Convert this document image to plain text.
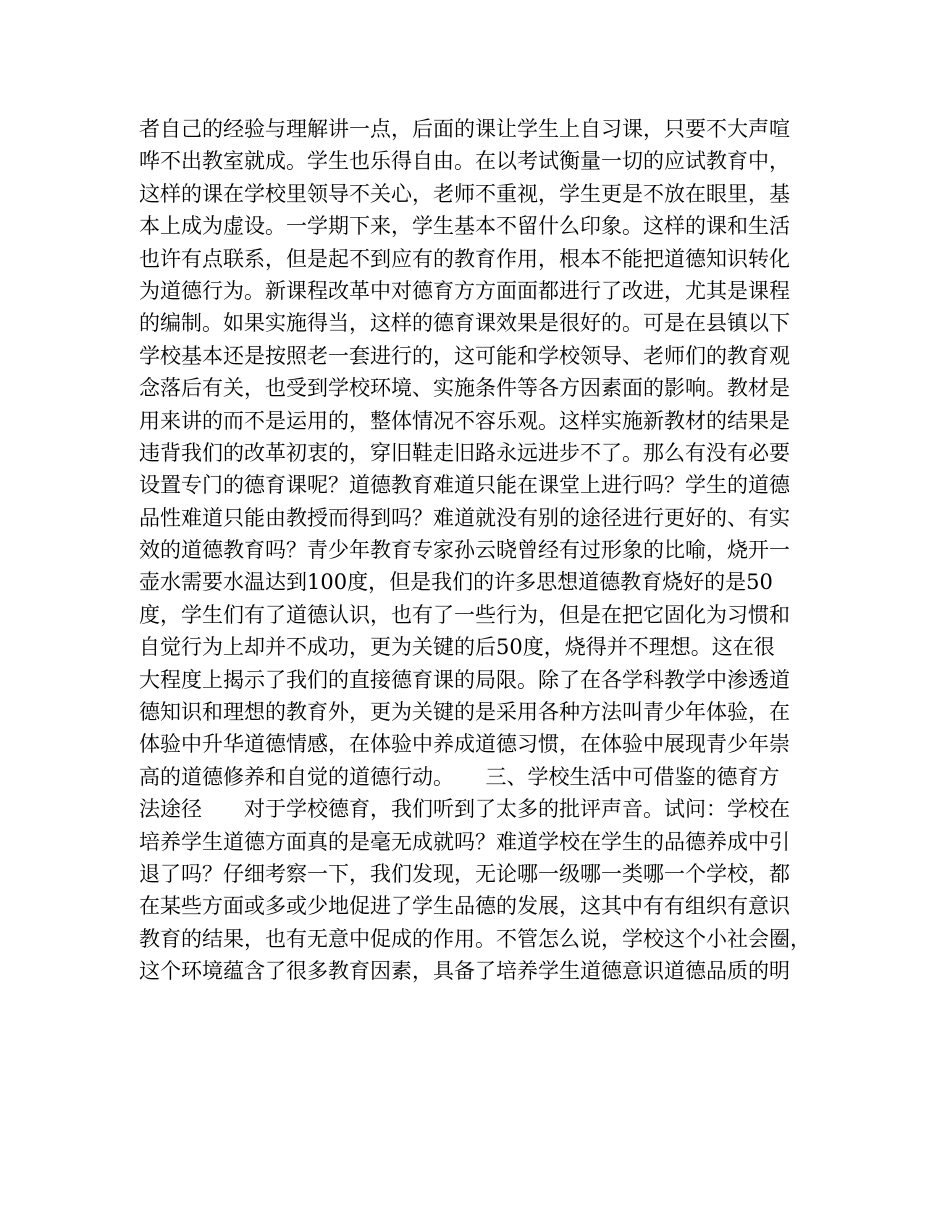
者自己的经验与理解讲一点，后面的课让学生上自习课，只要不大声喧
哗不出教室就成。学生也乐得自由。在以考试衡量一切的应试教育中，
这样的课在学校里领导不关心，老师不重视，学生更是不放在眼里，基
本上成为虚设。一学期下来，学生基本不留什么印象。这样的课和生活
也许有点联系，但是起不到应有的教育作用，根本不能把道德知识转化
为道德行为。新课程改革中对德育方方面面都进行了改进，尤其是课程
的编制。如果实施得当，这样的德育课效果是很好的。可是在县镇以下
学校基本还是按照老一套进行的，这可能和学校领导、老师们的教育观
念落后有关，也受到学校环境、实施条件等各方因素面的影响。教材是
用来讲的而不是运用的，整体情况不容乐观。这样实施新教材的结果是
违背我们的改革初衷的，穿旧鞋走旧路永远进步不了。那么有没有必要
设置专门的德育课呢？道德教育难道只能在课堂上进行吗？学生的道德
品性难道只能由教授而得到吗？难道就没有别的途径进行更好的、有实
效的道德教育吗？青少年教育专家孙云晓曾经有过形象的比喻，烧开一
壶水需要水温达到100度，但是我们的许多思想道德教育烧好的是50
度，学生们有了道德认识，也有了一些行为，但是在把它固化为习惯和
自觉行为上却并不成功，更为关键的后50度，烧得并不理想。这在很
大程度上揭示了我们的直接德育课的局限。除了在各学科教学中渗透道
德知识和理想的教育外，更为关键的是采用各种方法叫青少年体验，在
体验中升华道德情感，在体验中养成道德习惯，在体验中展现青少年崇
高的道德修养和自觉的道德行动。　　三、学校生活中可借鉴的德育方
法途径　　对于学校德育，我们听到了太多的批评声音。试问：学校在
培养学生道德方面真的是毫无成就吗？难道学校在学生的品德养成中引
退了吗？仔细考察一下，我们发现，无论哪一级哪一类哪一个学校，都
在某些方面或多或少地促进了学生品德的发展，这其中有有组织有意识
教育的结果，也有无意中促成的作用。不管怎么说，学校这个小社会圈，
这个环境蕴含了很多教育因素，具备了培养学生道德意识道德品质的明
